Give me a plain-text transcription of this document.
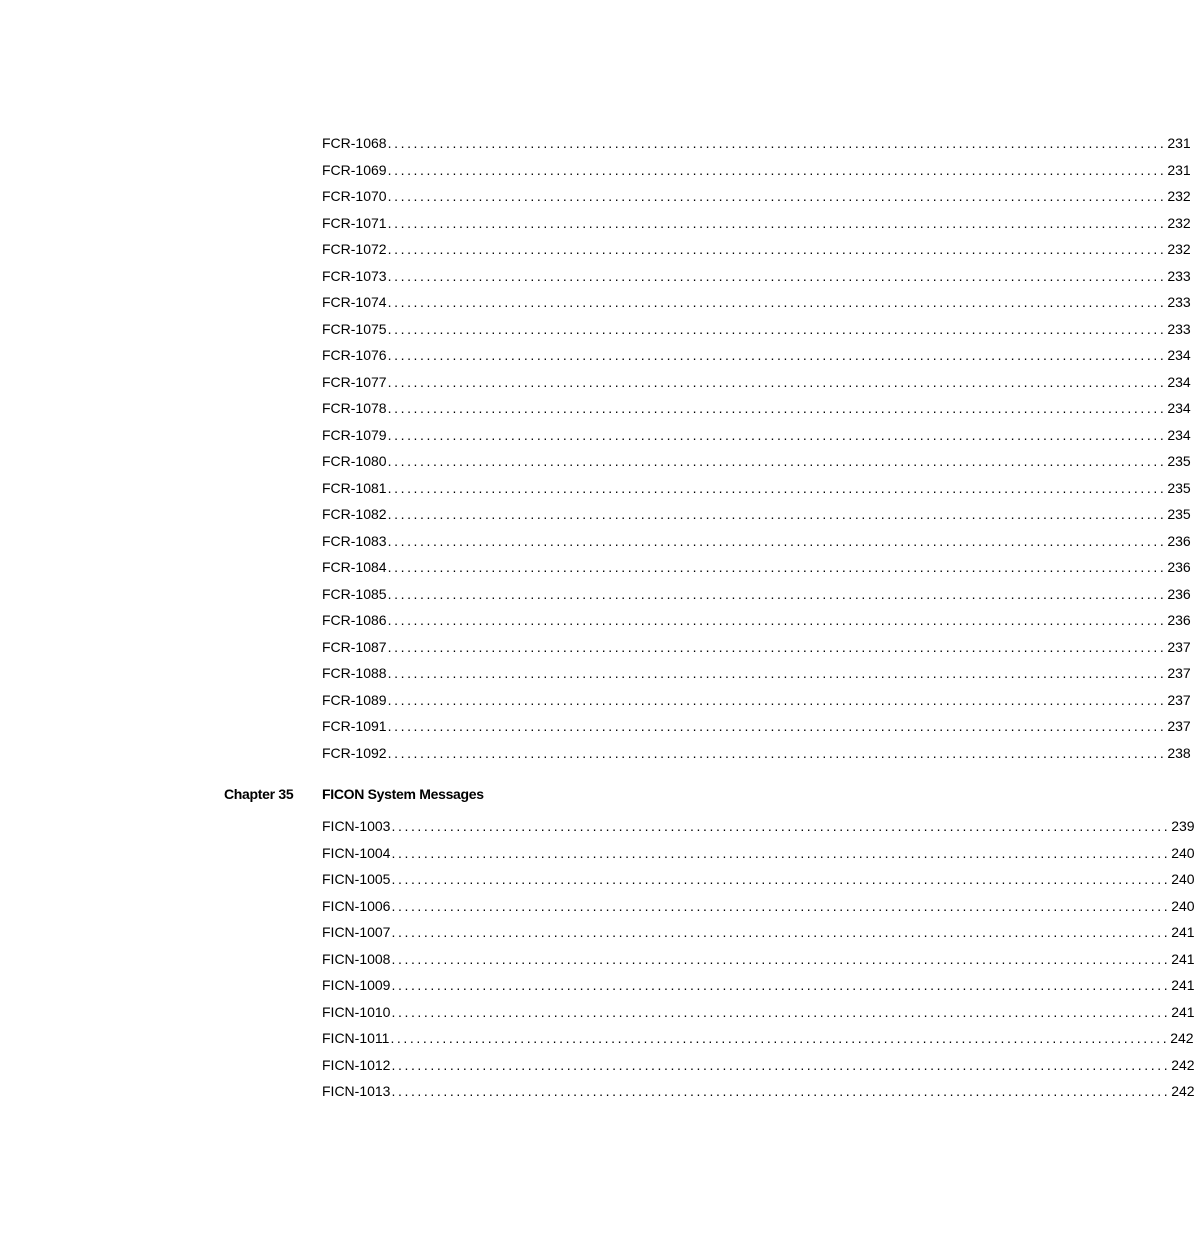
FCR-1068 ........................................................................................................................ 231
FCR-1069 ........................................................................................................................ 231
FCR-1070 ........................................................................................................................ 232
FCR-1071 ........................................................................................................................ 232
FCR-1072 ........................................................................................................................ 232
FCR-1073 ........................................................................................................................ 233
FCR-1074 ........................................................................................................................ 233
FCR-1075 ........................................................................................................................ 233
FCR-1076 ........................................................................................................................ 234
FCR-1077 ........................................................................................................................ 234
FCR-1078 ........................................................................................................................ 234
FCR-1079 ........................................................................................................................ 234
FCR-1080 ........................................................................................................................ 235
FCR-1081 ........................................................................................................................ 235
FCR-1082 ........................................................................................................................ 235
FCR-1083 ........................................................................................................................ 236
FCR-1084 ........................................................................................................................ 236
FCR-1085 ........................................................................................................................ 236
FCR-1086 ........................................................................................................................ 236
FCR-1087 ........................................................................................................................ 237
FCR-1088 ........................................................................................................................ 237
FCR-1089 ........................................................................................................................ 237
FCR-1091 ........................................................................................................................ 237
FCR-1092 ........................................................................................................................ 238
Chapter 35 FICON System Messages
FICN-1003 ........................................................................................................................ 239
FICN-1004 ........................................................................................................................ 240
FICN-1005 ........................................................................................................................ 240
FICN-1006 ........................................................................................................................ 240
FICN-1007 ........................................................................................................................ 241
FICN-1008 ........................................................................................................................ 241
FICN-1009 ........................................................................................................................ 241
FICN-1010 ........................................................................................................................ 241
FICN-1011 ........................................................................................................................ 242
FICN-1012 ........................................................................................................................ 242
FICN-1013 ........................................................................................................................ 242
